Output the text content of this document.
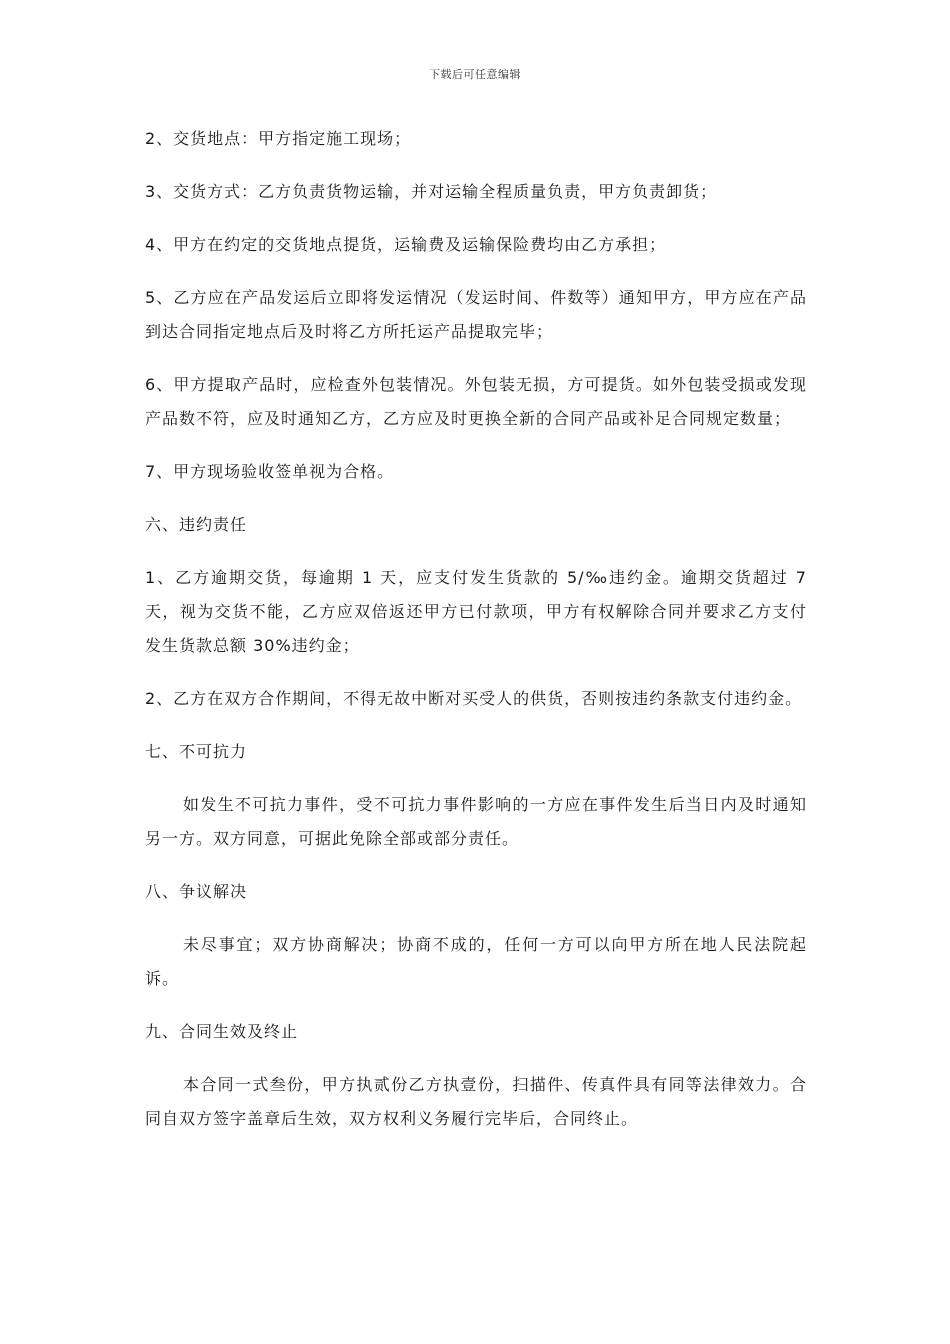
下载后可任意编辑

2、交货地点：甲方指定施工现场；

3、交货方式：乙方负责货物运输，并对运输全程质量负责，甲方负责卸货；

4、甲方在约定的交货地点提货，运输费及运输保险费均由乙方承担；

5、乙方应在产品发运后立即将发运情况（发运时间、件数等）通知甲方，甲方应在产品到达合同指定地点后及时将乙方所托运产品提取完毕；

6、甲方提取产品时，应检查外包装情况。外包装无损，方可提货。如外包装受损或发现产品数不符，应及时通知乙方，乙方应及时更换全新的合同产品或补足合同规定数量；

7、甲方现场验收签单视为合格。

六、违约责任

1、乙方逾期交货，每逾期 1 天，应支付发生货款的 5/‰违约金。逾期交货超过 7 天，视为交货不能，乙方应双倍返还甲方已付款项，甲方有权解除合同并要求乙方支付发生货款总额 30%违约金；

2、乙方在双方合作期间，不得无故中断对买受人的供货，否则按违约条款支付违约金。

七、不可抗力

如发生不可抗力事件，受不可抗力事件影响的一方应在事件发生后当日内及时通知另一方。双方同意，可据此免除全部或部分责任。

八、争议解决

未尽事宜；双方协商解决；协商不成的，任何一方可以向甲方所在地人民法院起诉。

九、合同生效及终止

本合同一式叁份，甲方执贰份乙方执壹份，扫描件、传真件具有同等法律效力。合同自双方签字盖章后生效，双方权利义务履行完毕后，合同终止。
